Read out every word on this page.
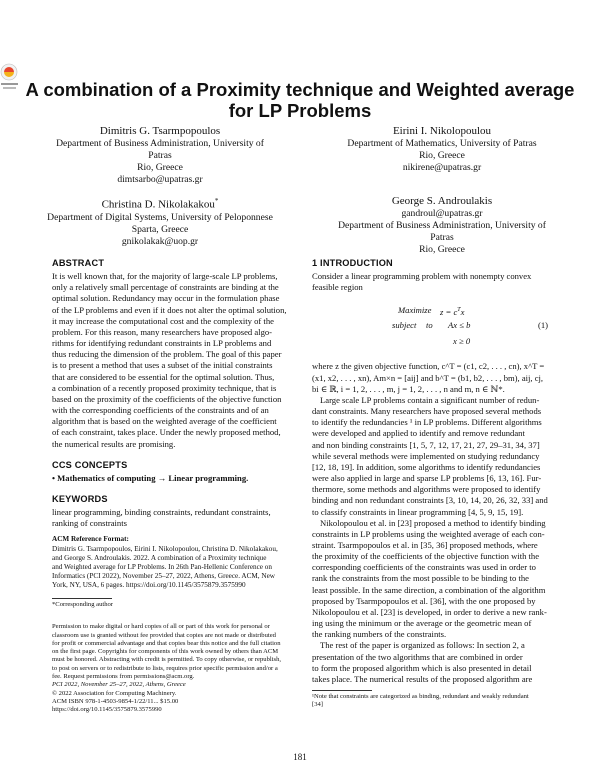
A combination of a Proximity technique and Weighted average
for LP Problems
Dimitris G. Tsarmpopoulos
Department of Business Administration, University of
Patras
Rio, Greece
dimtsarbo@upatras.gr
Eirini I. Nikolopoulou
Department of Mathematics, University of Patras
Rio, Greece
nikirene@upatras.gr
Christina D. Nikolakakou*
Department of Digital Systems, University of Peloponnese
Sparta, Greece
gnikolakak@uop.gr
George S. Androulakis
gandroul@upatras.gr
Department of Business Administration, University of
Patras
Rio, Greece
ABSTRACT
It is well known that, for the majority of large-scale LP problems,
only a relatively small percentage of constraints are binding at the
optimal solution. Redundancy may occur in the formulation phase
of the LP problems and even if it does not alter the optimal solution,
it may increase the computational cost and the complexity of the
problem. For this reason, many researchers have proposed algo-
rithms for identifying redundant constraints in LP problems and
thus reducing the dimension of the problem. The goal of this paper
is to present a method that uses a subset of the initial constraints
that are considered to be essential for the optimal solution. Thus,
a combination of a recently proposed proximity technique, that is
based on the proximity of the coefficients of the objective function
with the corresponding coefficients of the constraints and of an
algorithm that is based on the weighted average of the coefficient
of each constraint, takes place. Under the newly proposed method,
the numerical results are promising.
CCS CONCEPTS
• Mathematics of computing → Linear programming.
KEYWORDS
linear programming, binding constraints, redundant constraints,
ranking of constraints
ACM Reference Format:
Dimitris G. Tsarmpopoulos, Eirini I. Nikolopoulou, Christina D. Nikolakakou,
and George S. Androulakis. 2022. A combination of a Proximity technique
and Weighted average for LP Problems. In 26th Pan-Hellenic Conference on
Informatics (PCI 2022), November 25–27, 2022, Athens, Greece. ACM, New
York, NY, USA, 6 pages. https://doi.org/10.1145/3575879.3575990
*Corresponding author
Permission to make digital or hard copies of all or part of this work for personal or
classroom use is granted without fee provided that copies are not made or distributed
for profit or commercial advantage and that copies bear this notice and the full citation
on the first page. Copyrights for components of this work owned by others than ACM
must be honored. Abstracting with credit is permitted. To copy otherwise, or republish,
to post on servers or to redistribute to lists, requires prior specific permission and/or a
fee. Request permissions from permissions@acm.org.
PCI 2022, November 25–27, 2022, Athens, Greece
© 2022 Association for Computing Machinery.
ACM ISBN 978-1-4503-9854-1/22/11... $15.00
https://doi.org/10.1145/3575879.3575990
1 INTRODUCTION
Consider a linear programming problem with nonempty convex
feasible region
Maximize $z = c^Tx$
subject to Ax ≤ b
x ≥ 0
(1)
where z the given objective function, c^T = (c1, c2, . . . , cn), x^T =
(x1, x2, . . . , xn), Am×n = [aij] and b^T = (b1, b2, . . . , bm), aij, cj,
bi ∈ ℝ, i = 1, 2, . . . , m, j = 1, 2, . . . , n and m, n ∈ ℕ*.
Large scale LP problems contain a significant number of redun-
dant constraints. Many researchers have proposed several methods
to identify the redundancies ¹ in LP problems. Different algorithms
were developed and applied to identify and remove redundant
and non binding constraints [1, 5, 7, 12, 17, 21, 27, 29–31, 34, 37]
while several methods were implemented on studying redundancy
[12, 18, 19]. In addition, some algorithms to identify redundancies
were also applied in large and sparse LP problems [6, 13, 16]. Fur-
thermore, some methods and algorithms were proposed to identify
binding and non redundant constraints [3, 10, 14, 20, 26, 32, 33] and
to classify constraints in linear programming [4, 5, 9, 15, 19].
Nikolopoulou et al. in [23] proposed a method to identify binding
constraints in LP problems using the weighted average of each con-
straint. Tsarmpopoulos et al. in [35, 36] proposed methods, where
the proximity of the coefficients of the objective function with the
corresponding coefficients of the constraints was used in order to
rank the constraints from the most possible to be binding to the
least possible. In the same direction, a combination of the algorithm
proposed by Tsarmpopoulos et al. [36], with the one proposed by
Nikolopoulou et al. [23] is developed, in order to derive a new rank-
ing using the minimum or the average or the geometric mean of
the ranking numbers of the constraints.
The rest of the paper is organized as follows: In section 2, a
presentation of the two algorithms that are combined in order
to form the proposed algorithm which is also presented in detail
takes place. The numerical results of the proposed algorithm are
¹Note that constraints are categorized as binding, redundant and weakly redundant
[34]
181
